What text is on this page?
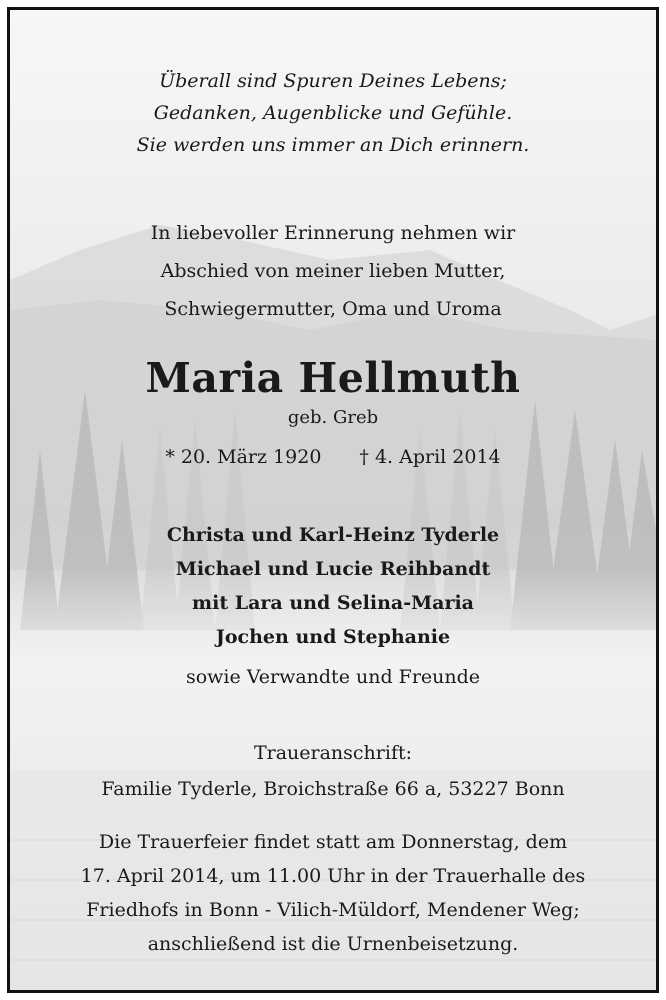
Überall sind Spuren Deines Lebens;
Gedanken, Augenblicke und Gefühle.
Sie werden uns immer an Dich erinnern.
In liebevoller Erinnerung nehmen wir
Abschied von meiner lieben Mutter,
Schwiegermutter, Oma und Uroma
Maria Hellmuth
geb. Greb
* 20. März 1920 † 4. April 2014
Christa und Karl-Heinz Tyderle
Michael und Lucie Reihbandt
mit Lara und Selina-Maria
Jochen und Stephanie
sowie Verwandte und Freunde
Traueranschrift:
Familie Tyderle, Broichstraße 66 a, 53227 Bonn
Die Trauerfeier findet statt am Donnerstag, dem
17. April 2014, um 11.00 Uhr in der Trauerhalle des
Friedhofs in Bonn - Vilich-Müldorf, Mendener Weg;
anschließend ist die Urnenbeisetzung.
